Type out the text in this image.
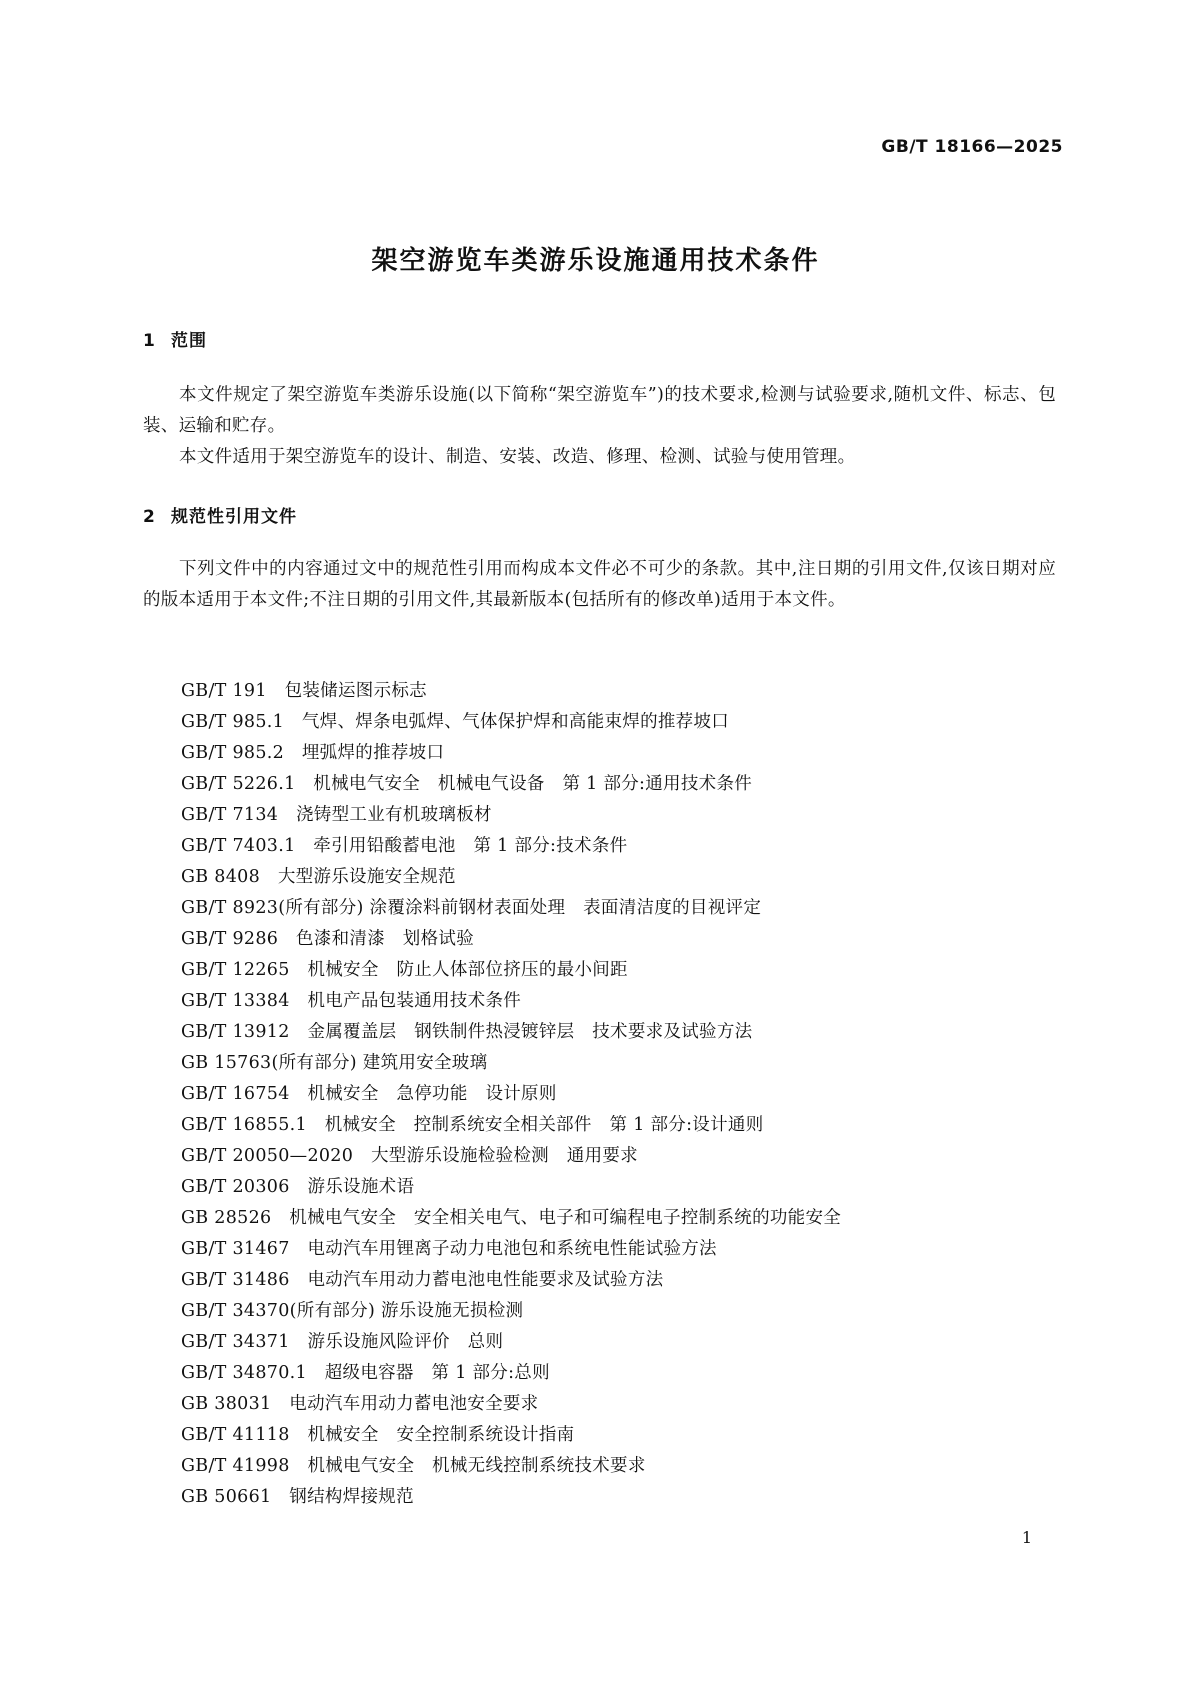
GB/T 18166—2025
架空游览车类游乐设施通用技术条件
1 范围

本文件规定了架空游览车类游乐设施(以下简称“架空游览车”)的技术要求,检测与试验要求,随机文件、标志、包装、运输和贮存。

本文件适用于架空游览车的设计、制造、安装、改造、修理、检测、试验与使用管理。

2 规范性引用文件

下列文件中的内容通过文中的规范性引用而构成本文件必不可少的条款。其中,注日期的引用文件,仅该日期对应的版本适用于本文件;不注日期的引用文件,其最新版本(包括所有的修改单)适用于本文件。

GB/T 191　包装储运图示标志
GB/T 985.1　气焊、焊条电弧焊、气体保护焊和高能束焊的推荐坡口
GB/T 985.2　埋弧焊的推荐坡口
GB/T 5226.1　机械电气安全　机械电气设备　第 1 部分:通用技术条件
GB/T 7134　浇铸型工业有机玻璃板材
GB/T 7403.1　牵引用铅酸蓄电池　第 1 部分:技术条件
GB 8408　大型游乐设施安全规范
GB/T 8923(所有部分) 涂覆涂料前钢材表面处理　表面清洁度的目视评定
GB/T 9286　色漆和清漆　划格试验
GB/T 12265　机械安全　防止人体部位挤压的最小间距
GB/T 13384　机电产品包装通用技术条件
GB/T 13912　金属覆盖层　钢铁制件热浸镀锌层　技术要求及试验方法
GB 15763(所有部分) 建筑用安全玻璃
GB/T 16754　机械安全　急停功能　设计原则
GB/T 16855.1　机械安全　控制系统安全相关部件　第 1 部分:设计通则
GB/T 20050—2020　大型游乐设施检验检测　通用要求
GB/T 20306　游乐设施术语
GB 28526　机械电气安全　安全相关电气、电子和可编程电子控制系统的功能安全
GB/T 31467　电动汽车用锂离子动力电池包和系统电性能试验方法
GB/T 31486　电动汽车用动力蓄电池电性能要求及试验方法
GB/T 34370(所有部分) 游乐设施无损检测
GB/T 34371　游乐设施风险评价　总则
GB/T 34870.1　超级电容器　第 1 部分:总则
GB 38031　电动汽车用动力蓄电池安全要求
GB/T 41118　机械安全　安全控制系统设计指南
GB/T 41998　机械电气安全　机械无线控制系统技术要求
GB 50661　钢结构焊接规范
1
